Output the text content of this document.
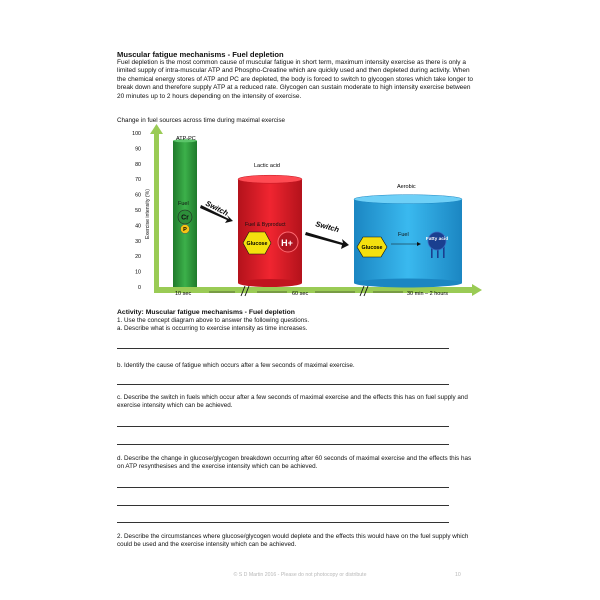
Muscular fatigue mechanisms - Fuel depletion
Fuel depletion is the most common cause of muscular fatigue in short term, maximum intensity exercise as there is only a limited supply of intra-muscular ATP and Phospho-Creatine which are quickly used and then depleted during activity. When the chemical energy stores of ATP and PC are depleted, the body is forced to switch to glycogen stores which take longer to break down and therefore supply ATP at a reduced rate. Glycogen can sustain moderate to high intensity exercise between 20 minutes up to 2 hours depending on the intensity of exercise.
Change in fuel sources across time during maximal exercise
100
90
80
70
60
50
40
30
20
10
0
Exercise intensity (%)
10 sec	60 sec	30 min – 2 hours
ATP-PC
Fuel
Cr
P
Switch
Lactic acid
Fuel & Byproduct
Glucose H+
Switch
Aerobic
Fuel
Glucose
Fatty acid
Activity: Muscular fatigue mechanisms - Fuel depletion
1. Use the concept diagram above to answer the following questions.
a. Describe what is occurring to exercise intensity as time increases.
b. Identify the cause of fatigue which occurs after a few seconds of maximal exercise.
c. Describe the switch in fuels which occur after a few seconds of maximal exercise and the effects this has on fuel supply and exercise intensity which can be achieved.
d. Describe the change in glucose/glycogen breakdown occurring after 60 seconds of maximal exercise and the effects this has on ATP resynthesises and the exercise intensity which can be achieved.
2. Describe the circumstances where glucose/glycogen would deplete and the effects this would have on the fuel supply which could be used and the exercise intensity which can be achieved.
© S D Martin 2016 - Please do not photocopy or distribute	10
